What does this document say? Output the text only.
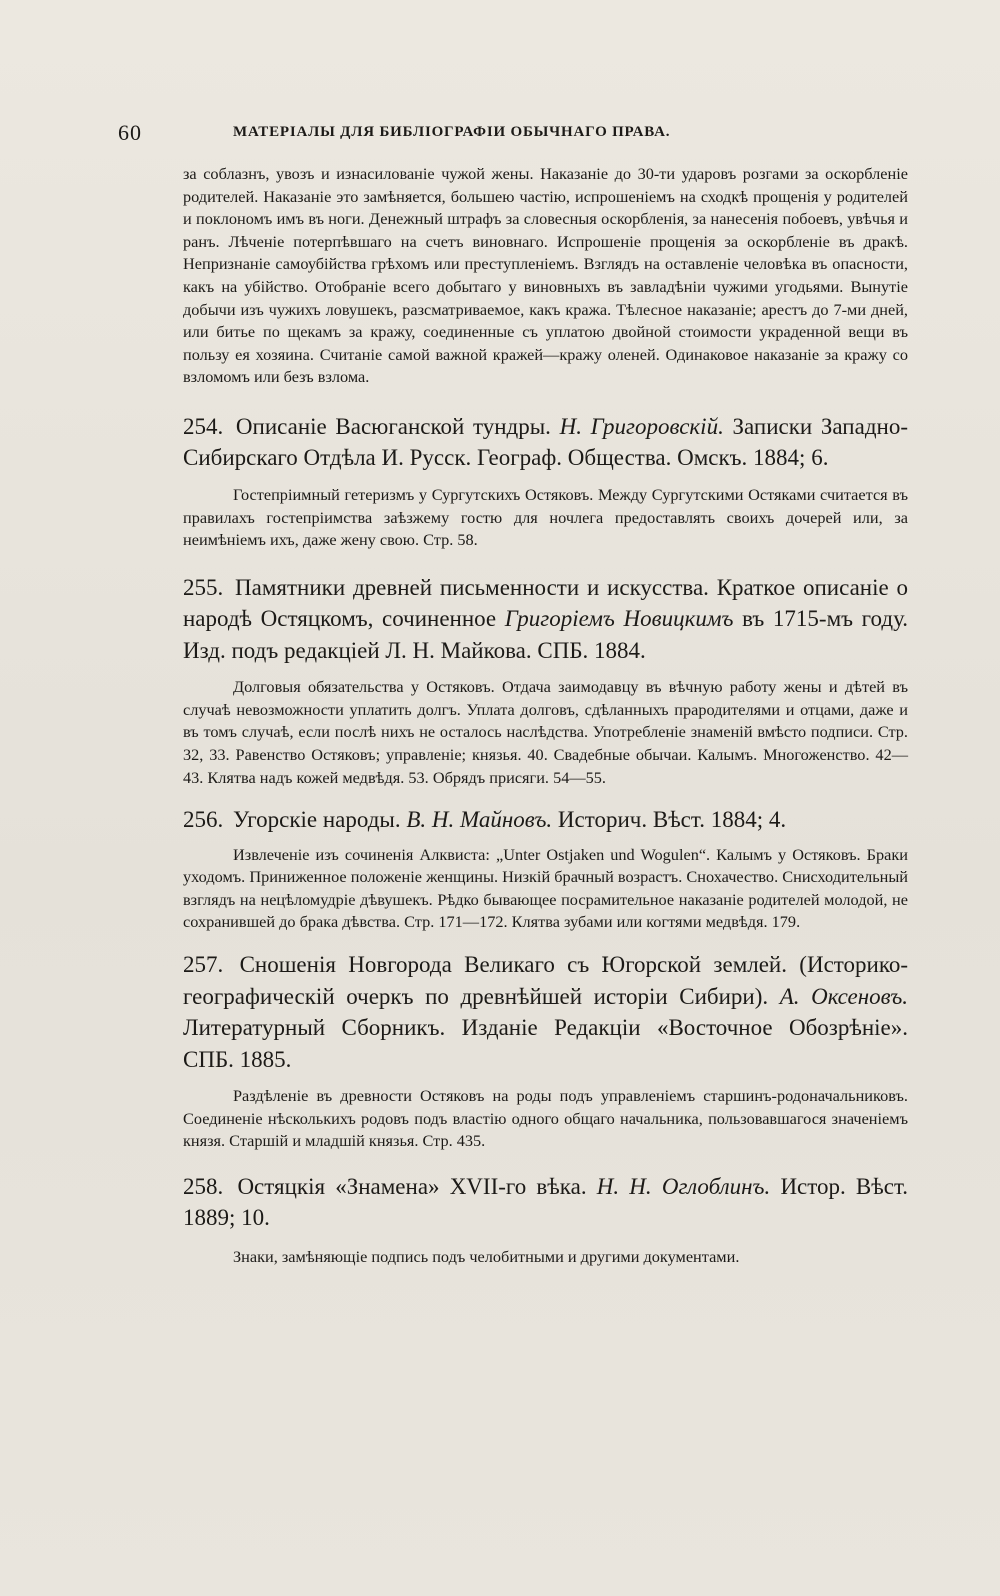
60	МАТЕРІАЛЫ ДЛЯ БИБЛІОГРАФІИ ОБЫЧНАГО ПРАВА.

за соблазнъ, увозъ и изнасилованіе чужой жены. Наказаніе до 30-ти ударовъ розгами за оскорбленіе родителей. Наказаніе это замѣняется, большею частію, испрошеніемъ на сходкѣ прощенія у родителей и поклономъ имъ въ ноги. Денежный штрафъ за словесныя оскорбленія, за нанесенія побоевъ, увѣчья и ранъ. Лѣченіе потерпѣвшаго на счетъ виновнаго. Испрошеніе прощенія за оскорбленіе въ дракѣ. Непризнаніе самоубійства грѣхомъ или преступленіемъ. Взглядъ на оставленіе человѣка въ опасности, какъ на убійство. Отобраніе всего добытаго у виновныхъ въ завладѣніи чужими угодьями. Вынутіе добычи изъ чужихъ ловушекъ, разсматриваемое, какъ кража. Тѣлесное наказаніе; арестъ до 7-ми дней, или битье по щекамъ за кражу, соединенные съ уплатою двойной стоимости украденной вещи въ пользу ея хозяина. Считаніе самой важной кражей—кражу оленей. Одинаковое наказаніе за кражу со взломомъ или безъ взлома.

254. Описаніе Васюганской тундры. Н. Григоровскій. Записки Западно-Сибирскаго Отдѣла И. Русск. Географ. Общества. Омскъ. 1884; 6.

Гостепріимный гетеризмъ у Сургутскихъ Остяковъ. Между Сургутскими Остяками считается въ правилахъ гостепріимства заѣзжему гостю для ночлега предоставлять своихъ дочерей или, за неимѣніемъ ихъ, даже жену свою. Стр. 58.

255. Памятники древней письменности и искусства. Краткое описаніе о народѣ Остяцкомъ, сочиненное Григоріемъ Новицкимъ въ 1715-мъ году. Изд. подъ редакціей Л. Н. Майкова. СПБ. 1884.

Долговыя обязательства у Остяковъ. Отдача заимодавцу въ вѣчную работу жены и дѣтей въ случаѣ невозможности уплатить долгъ. Уплата долговъ, сдѣланныхъ прародителями и отцами, даже и въ томъ случаѣ, если послѣ нихъ не осталось наслѣдства. Употребленіе знаменій вмѣсто подписи. Стр. 32, 33. Равенство Остяковъ; управленіе; князья. 40. Свадебные обычаи. Калымъ. Многоженство. 42—43. Клятва надъ кожей медвѣдя. 53. Обрядъ присяги. 54—55.

256. Угорскіе народы. В. Н. Майновъ. Историч. Вѣст. 1884; 4.

Извлеченіе изъ сочиненія Алквиста: „Unter Ostjaken und Wogulen“. Калымъ у Остяковъ. Браки уходомъ. Приниженное положеніе женщины. Низкій брачный возрастъ. Снохачество. Снисходительный взглядъ на нецѣломудріе дѣвушекъ. Рѣдко бывающее посрамительное наказаніе родителей молодой, не сохранившей до брака дѣвства. Стр. 171—172. Клятва зубами или когтями медвѣдя. 179.

257. Сношенія Новгорода Великаго съ Югорской землей. (Историко-географическій очеркъ по древнѣйшей исторіи Сибири). А. Оксеновъ. Литературный Сборникъ. Изданіе Редакціи «Восточное Обозрѣніе». СПБ. 1885.

Раздѣленіе въ древности Остяковъ на роды подъ управленіемъ старшинъ-родоначальниковъ. Соединеніе нѣсколькихъ родовъ подъ властію одного общаго начальника, пользовавшагося значеніемъ князя. Старшій и младшій князья. Стр. 435.

258. Остяцкія «Знамена» XVII-го вѣка. Н. Н. Оглоблинъ. Истор. Вѣст. 1889; 10.

Знаки, замѣняющіе подпись подъ челобитными и другими документами.
